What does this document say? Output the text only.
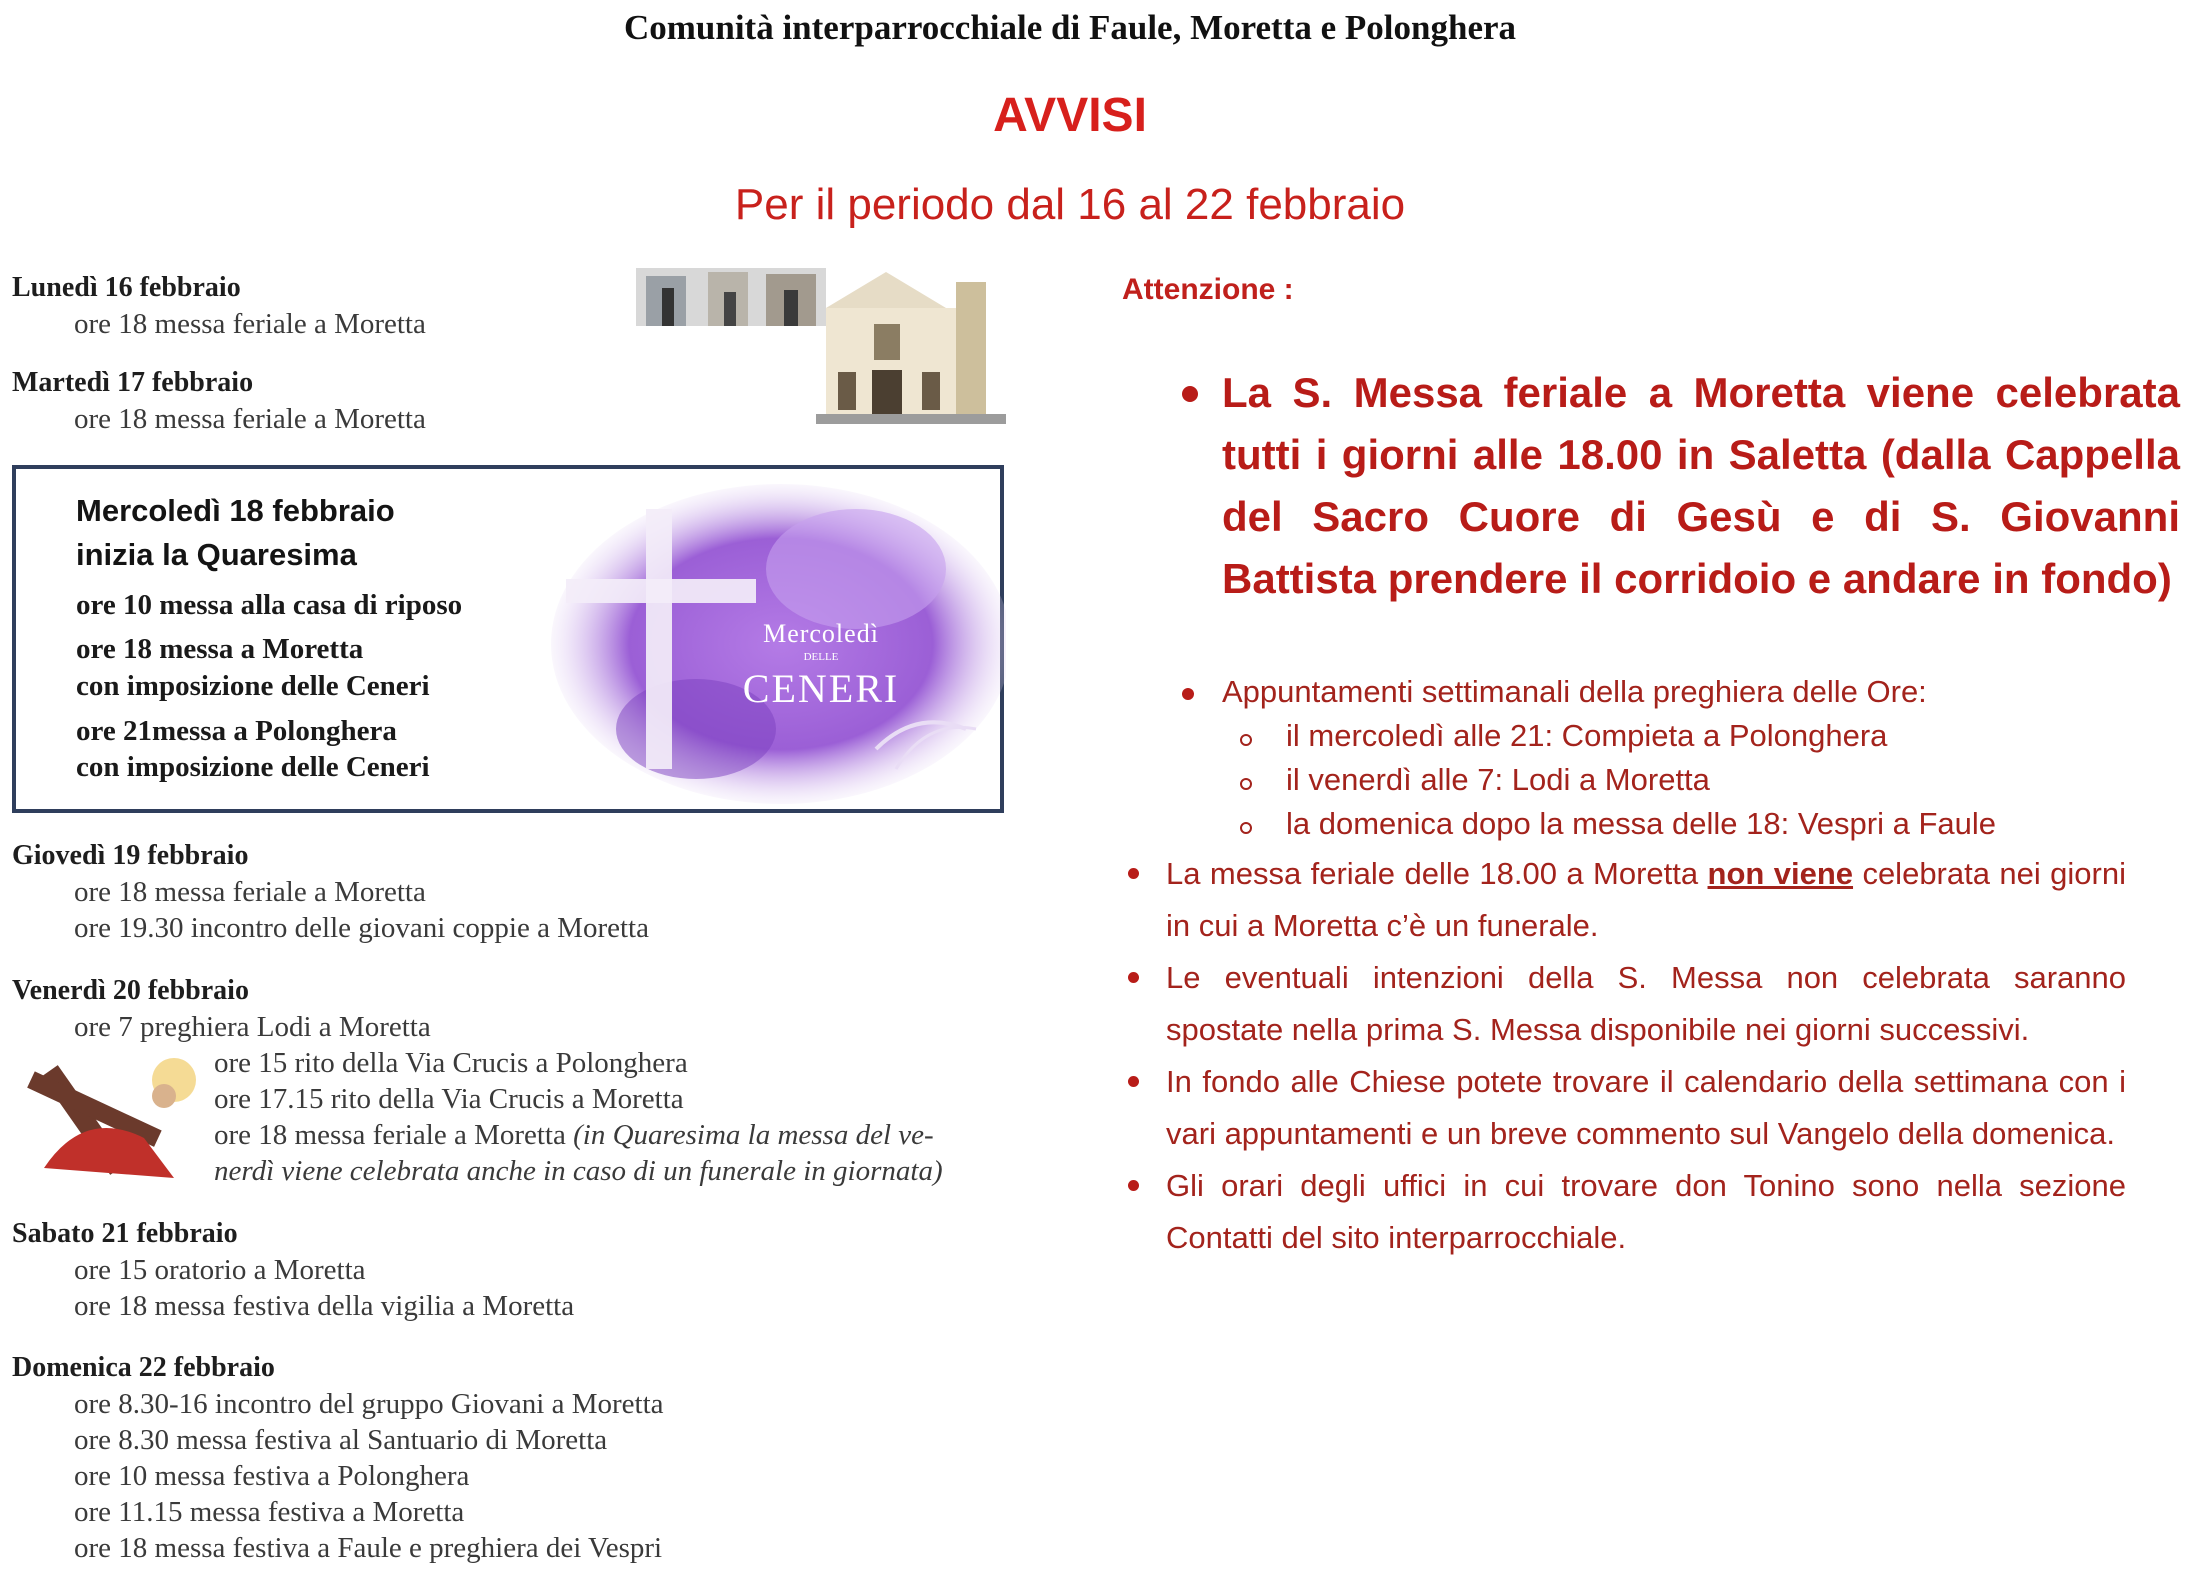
Comunità interparrocchiale di Faule, Moretta e Polonghera
AVVISI
Per il periodo dal 16 al 22 febbraio
Lunedì 16 febbraio
ore 18 messa feriale a Moretta
Martedì 17 febbraio
ore 18 messa feriale a Moretta
Mercoledì 18 febbraio
inizia la Quaresima
ore 10 messa alla casa di riposo
ore 18 messa a Moretta
con imposizione delle Ceneri
ore 21messa a Polonghera
con imposizione delle Ceneri
Mercoledì
DELLE
CENERI
Giovedì 19 febbraio
ore 18 messa feriale a Moretta
ore 19.30 incontro delle giovani coppie a Moretta
Venerdì 20 febbraio
ore 7 preghiera Lodi a Moretta
ore 15 rito della Via Crucis a Polonghera
ore 17.15 rito della Via Crucis a Moretta
ore 18 messa feriale a Moretta (in Quaresima la messa del ve-
nerdì viene celebrata anche in caso di un funerale in giornata)
Sabato 21 febbraio
ore 15 oratorio a Moretta
ore 18 messa festiva della vigilia a Moretta
Domenica 22 febbraio
ore 8.30-16 incontro del gruppo Giovani a Moretta
ore 8.30 messa festiva al Santuario di Moretta
ore 10 messa festiva a Polonghera
ore 11.15 messa festiva a Moretta
ore 18 messa festiva a Faule e preghiera dei Vespri
Attenzione :
La S. Messa feriale a Moretta viene celebrata tutti i giorni alle 18.00 in Saletta (dalla Cappella del Sacro Cuore di Gesù e di S. Giovanni Battista prendere il corridoio e andare in fondo)
Appuntamenti settimanali della preghiera delle Ore:
il mercoledì alle 21: Compieta a Polonghera
il venerdì alle 7: Lodi a Moretta
la domenica dopo la messa delle 18: Vespri a Faule
La messa feriale delle 18.00 a Moretta non viene celebrata nei giorni in cui a Moretta c’è un funerale.
Le eventuali intenzioni della S. Messa non celebrata saranno spostate nella prima S. Messa disponibile nei giorni successivi.
In fondo alle Chiese potete trovare il calendario della settimana con i vari appuntamenti e un breve commento sul Vangelo della domenica.
Gli orari degli uffici in cui trovare don Tonino sono nella sezione Contatti del sito interparrocchiale.
